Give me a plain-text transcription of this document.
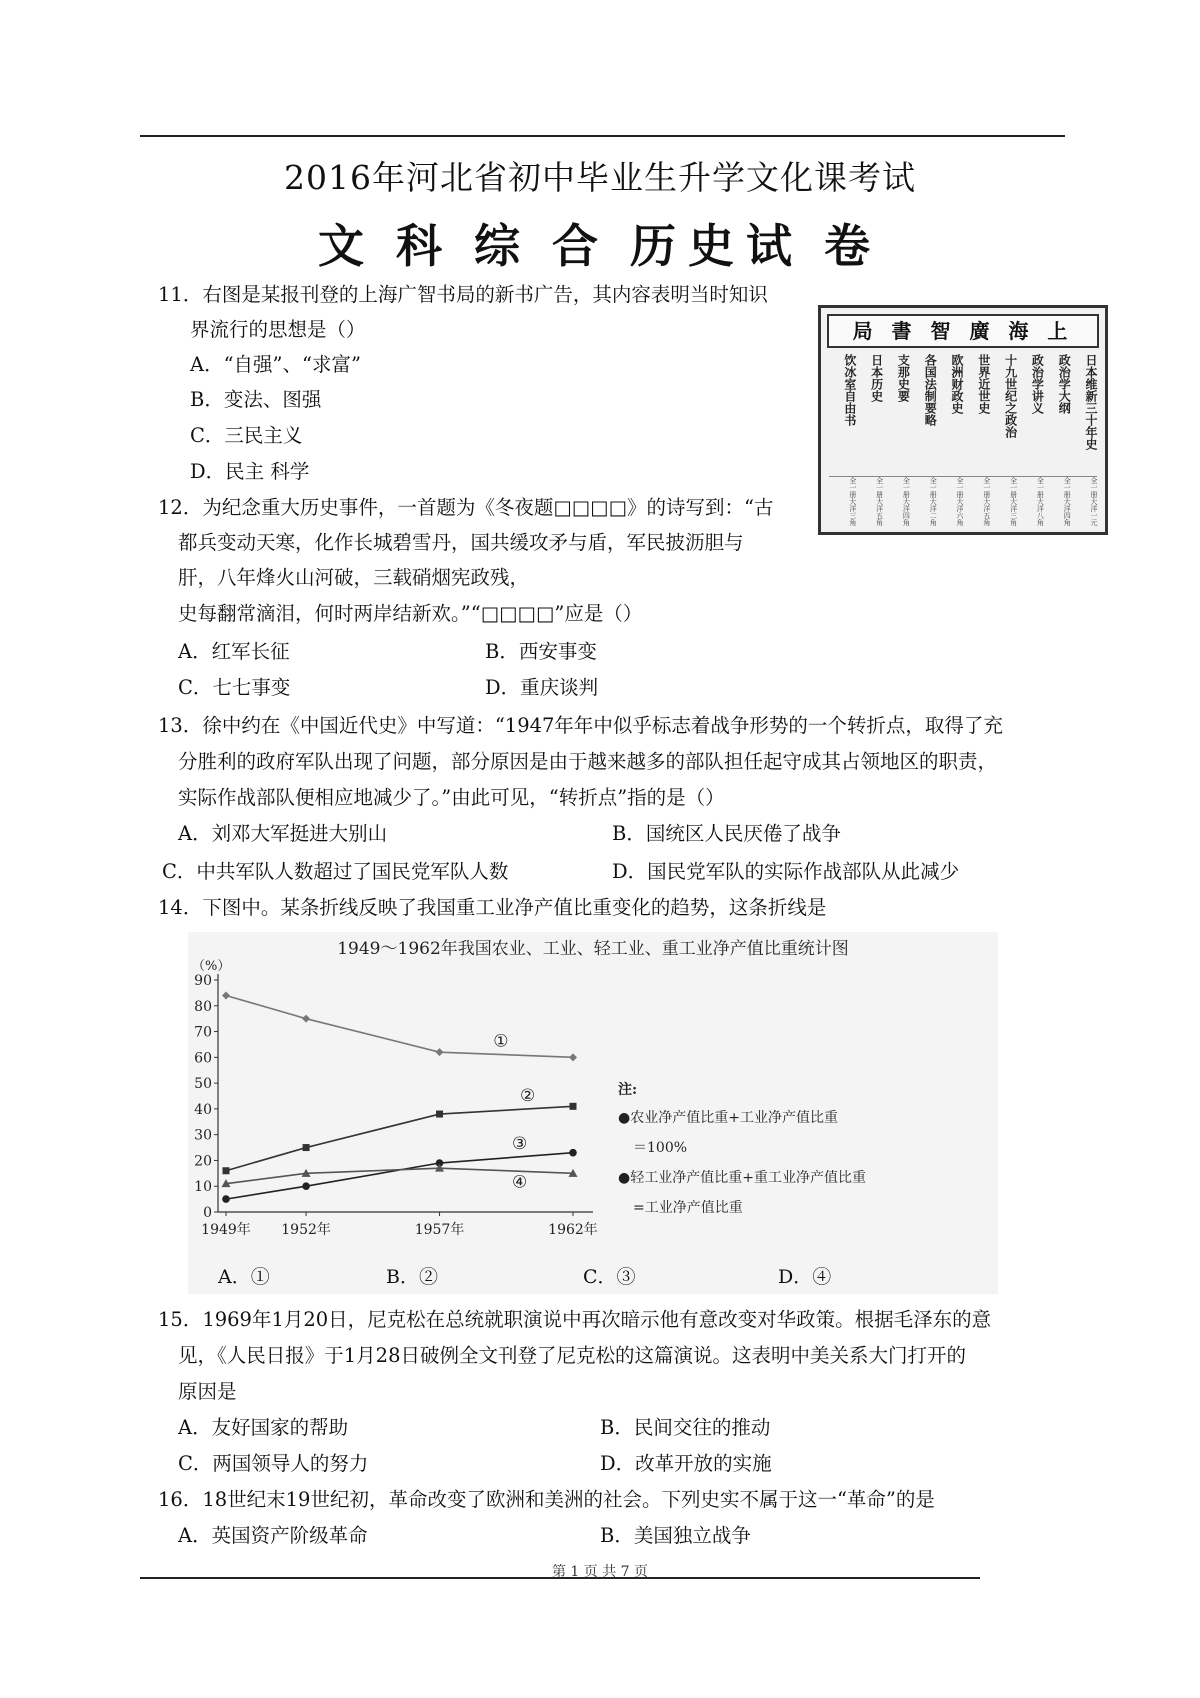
2016年河北省初中毕业生升学文化课考试
文 科 综 合 历史试 卷
11．右图是某报刊登的上海广智书局的新书广告，其内容表明当时知识
界流行的思想是（）
A．“自强”、“求富”
B．变法、图强
C．三民主义
D．民主 科学
局 書 智 廣 海 上
日本维新三十年史
政治学大纲
政治学讲义
十九世纪之政治
世界近世史
欧洲财政史
各国法制要略
支那史要
日本历史
饮冰室自由书
全一册大洋一元
全一册大洋四角
全一册大洋八角
全一册大洋三角
全一册大洋五角
全一册大洋六角
全一册大洋二角
全一册大洋四角
全一册大洋五角
全一册大洋三角
12．为纪念重大历史事件，一首题为《冬夜题□□□□》的诗写到：“古
都兵变动天寒，化作长城碧雪丹，国共缓攻矛与盾，军民披沥胆与
肝，八年烽火山河破，三载硝烟宪政残，
史每翻常滴泪，何时两岸结新欢。”“□□□□”应是（）
A．红军长征	B．西安事变
C．七七事变	D．重庆谈判
13．徐中约在《中国近代史》中写道：“1947年年中似乎标志着战争形势的一个转折点，取得了充
分胜利的政府军队出现了问题，部分原因是由于越来越多的部队担任起守成其占领地区的职责，
实际作战部队便相应地减少了。”由此可见，“转折点”指的是（）
A．刘邓大军挺进大别山	B．国统区人民厌倦了战争
C．中共军队人数超过了国民党军队人数	D．国民党军队的实际作战部队从此减少
14．下图中。某条折线反映了我国重工业净产值比重变化的趋势，这条折线是
1949～1962年我国农业、工业、轻工业、重工业净产值比重统计图
（%）
0
10
20
30
40
50
60
70
80
90
1949年 1952年	1957年	1962年
①
②
③
④
注:
●农业净产值比重+工业净产值比重
＝100%
●轻工业净产值比重+重工业净产值比重
=工业净产值比重
A．①	B．②	C．③	D．④
15．1969年1月20日，尼克松在总统就职演说中再次暗示他有意改变对华政策。根据毛泽东的意
见，《人民日报》于1月28日破例全文刊登了尼克松的这篇演说。这表明中美关系大门打开的
原因是
A．友好国家的帮助	B．民间交往的推动
C．两国领导人的努力	D．改革开放的实施
16．18世纪末19世纪初，革命改变了欧洲和美洲的社会。下列史实不属于这一“革命”的是
A．英国资产阶级革命	B．美国独立战争
第 1 页 共 7 页
